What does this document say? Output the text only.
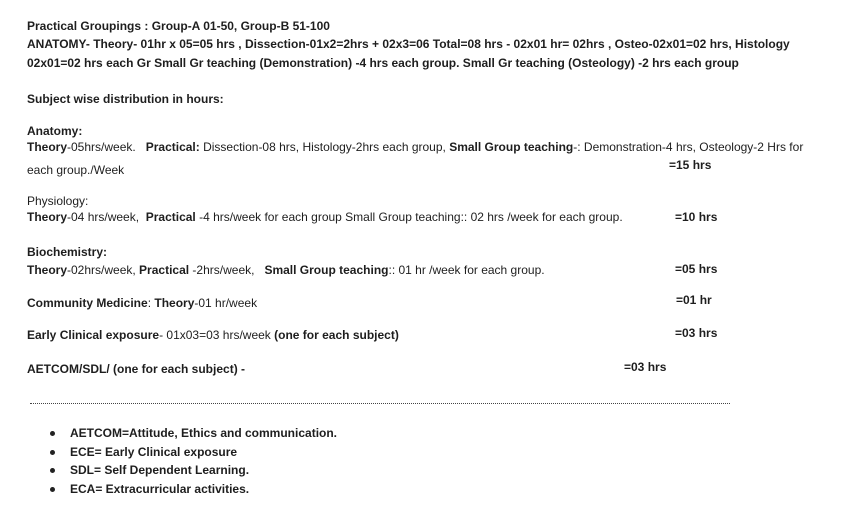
Practical Groupings : Group-A 01-50, Group-B 51-100
ANATOMY- Theory- 01hr x 05=05 hrs , Dissection-01x2=2hrs + 02x3=06 Total=08 hrs - 02x01 hr= 02hrs , Osteo-02x01=02 hrs, Histology
02x01=02 hrs each Gr Small Gr teaching (Demonstration) -4 hrs each group. Small Gr teaching (Osteology) -2 hrs each group
Subject wise distribution in hours:
Anatomy:
Theory-05hrs/week.   Practical: Dissection-08 hrs, Histology-2hrs each group, Small Group teaching-: Demonstration-4 hrs, Osteology-2 Hrs for
each group./Week	=15 hrs
Physiology:
Theory-04 hrs/week,  Practical -4 hrs/week for each group Small Group teaching:: 02 hrs /week for each group.	=10 hrs
Biochemistry:
Theory-02hrs/week, Practical -2hrs/week,   Small Group teaching:: 01 hr /week for each group.	=05 hrs
Community Medicine: Theory-01 hr/week	=01 hr
Early Clinical exposure- 01x03=03 hrs/week (one for each subject)	=03 hrs
AETCOM/SDL/ (one for each subject) -	=03 hrs
AETCOM=Attitude, Ethics and communication.
ECE= Early Clinical exposure
SDL= Self Dependent Learning.
ECA= Extracurricular activities.
